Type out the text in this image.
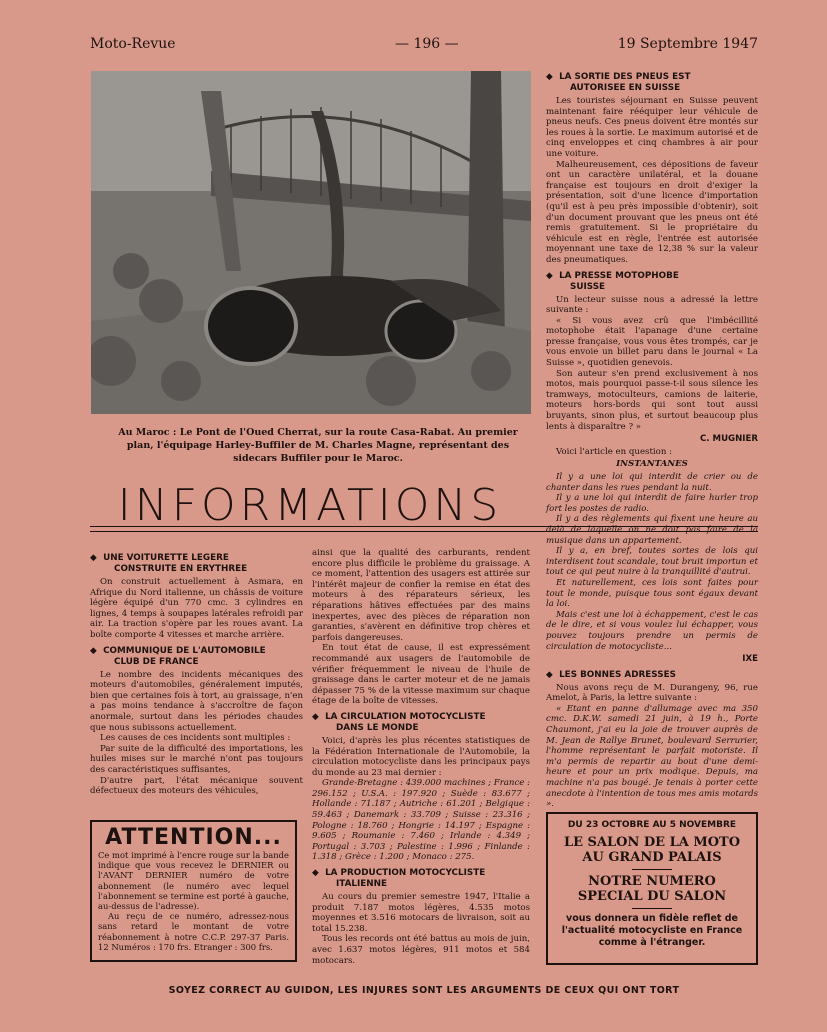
Moto-Revue	— 196 —	19 Septembre 1947
Au Maroc : Le Pont de l'Oued Cherrat, sur la route Casa-Rabat. Au premier plan, l'équipage Harley-Buffiler de M. Charles Magne, représentant des sidecars Buffiler pour le Maroc.
INFORMATIONS
◆ UNE VOITURETTE LEGERE
CONSTRUITE EN ERYTHREE

On construit actuellement à Asmara, en Afrique du Nord italienne, un châssis de voiture légère équipé d'un 770 cmc. 3 cylindres en lignes, 4 temps à soupapes latérales refroidi par air. La traction s'opère par les roues avant. La boîte comporte 4 vitesses et marche arrière.

◆ COMMUNIQUE DE L'AUTOMOBILE
CLUB DE FRANCE

Le nombre des incidents mécaniques des moteurs d'automobiles, généralement imputés, bien que certaines fois à tort, au graissage, n'en a pas moins tendance à s'accroître de façon anormale, surtout dans les périodes chaudes que nous subissons actuellement.

Les causes de ces incidents sont multiples :

Par suite de la difficulté des importations, les huiles mises sur le marché n'ont pas toujours des caractéristiques suffisantes,

D'autre part, l'état mécanique souvent défectueux des moteurs des véhicules,

ATTENTION...

Ce mot imprimé à l'encre rouge sur la bande indique que vous recevez le DERNIER ou l'AVANT DERNIER numéro de votre abonnement (le numéro avec lequel l'abonnement se termine est porté à gauche, au-dessus de l'adresse).

Au reçu de ce numéro, adressez-nous sans retard le montant de votre réabonnement à notre C.C.P. 297-37 Paris. 12 Numéros : 170 frs. Etranger : 300 frs.

ainsi que la qualité des carburants, rendent encore plus difficile le problème du graissage. A ce moment, l'attention des usagers est attirée sur l'intérêt majeur de confier la remise en état des moteurs à des réparateurs sérieux, les réparations hâtives effectuées par des mains inexpertes, avec des pièces de réparation non garanties, s'avèrent en définitive trop chères et parfois dangereuses.

En tout état de cause, il est expressément recommandé aux usagers de l'automobile de vérifier fréquemment le niveau de l'huile de graissage dans le carter moteur et de ne jamais dépasser 75 % de la vitesse maximum sur chaque étage de la boîte de vitesses.

◆ LA CIRCULATION MOTOCYCLISTE
DANS LE MONDE

Voici, d'après les plus récentes statistiques de la Fédération Internationale de l'Automobile, la circulation motocycliste dans les principaux pays du monde au 23 mai dernier :

Grande-Bretagne : 439.000 machines ; France : 296.152 ; U.S.A. : 197.920 ; Suède : 83.677 ; Hollande : 71.187 ; Autriche : 61.201 ; Belgique : 59.463 ; Danemark : 33.709 ; Suisse : 23.316 ; Pologne : 18.760 ; Hongrie : 14.197 ; Espagne : 9.605 ; Roumanie : 7.460 ; Irlande : 4.349 ; Portugal : 3.703 ; Palestine : 1.996 ; Finlande : 1.318 ; Grèce : 1.200 ; Monaco : 275.

◆ LA PRODUCTION MOTOCYCLISTE
ITALIENNE

Au cours du premier semestre 1947, l'Italie a produit 7.187 motos légères, 4.535 motos moyennes et 3.516 motocars de livraison, soit au total 15.238.

Tous les records ont été battus au mois de juin, avec 1.637 motos légères, 911 motos et 584 motocars.

◆ LA SORTIE DES PNEUS EST
AUTORISEE EN SUISSE

Les touristes séjournant en Suisse peuvent maintenant faire rééquiper leur véhicule de pneus neufs. Ces pneus doivent être montés sur les roues à la sortie. Le maximum autorisé et de cinq enveloppes et cinq chambres à air pour une voiture.

Malheureusement, ces dépositions de faveur ont un caractère unilatéral, et la douane française est toujours en droit d'exiger la présentation, soit d'une licence d'importation (qu'il est à peu près impossible d'obtenir), soit d'un document prouvant que les pneus ont été remis gratuitement. Si le propriétaire du véhicule est en règle, l'entrée est autorisée moyennant une taxe de 12,38 % sur la valeur des pneumatiques.

◆ LA PRESSE MOTOPHOBE
SUISSE

Un lecteur suisse nous a adressé la lettre suivante :

« Si vous avez crû que l'imbécillité motophobe était l'apanage d'une certaine presse française, vous vous êtes trompés, car je vous envoie un billet paru dans le journal « La Suisse », quotidien genevois.

Son auteur s'en prend exclusivement à nos motos, mais pourquoi passe-t-il sous silence les tramways, motoculteurs, camions de laiterie, moteurs hors-bords qui sont tout aussi bruyants, sinon plus, et surtout beaucoup plus lents à disparaître ? »

C. MUGNIER

Voici l'article en question :

INSTANTANES

Il y a une loi qui interdit de crier ou de chanter dans les rues pendant la nuit.

Il y a une loi qui interdit de faire hurler trop fort les postes de radio.

Il y a des règlements qui fixent une heure au delà de laquelle on ne doit pas faire de la musique dans un appartement.

Il y a, en bref, toutes sortes de lois qui interdisent tout scandale, tout bruit importun et tout ce qui peut nuire à la tranquillité d'autrui.

Et naturellement, ces lois sont faites pour tout le monde, puisque tous sont égaux devant la loi.

Mais c'est une loi à échappement, c'est le cas de le dire, et si vous voulez lui échapper, vous pouvez toujours prendre un permis de circulation de motocycliste...

IXE
◆ LES BONNES ADRESSES

Nous avons reçu de M. Durangeny, 96, rue Amelot, à Paris, la lettre suivante :

« Etant en panne d'allumage avec ma 350 cmc. D.K.W. samedi 21 juin, à 19 h., Porte Chaumont, j'ai eu la joie de trouver auprès de M. Jean de Rallye Brunet, boulevard Serrurier, l'homme représentant le parfait motoriste. Il m'a permis de repartir au bout d'une demi-heure et pour un prix modique. Depuis, ma machine n'a pas bougé. Je tenais à porter cette anecdote à l'intention de tous mes amis motards ».

DU 23 OCTOBRE AU 5 NOVEMBRE
LE SALON DE LA MOTO AU GRAND PALAIS
NOTRE NUMERO SPECIAL DU SALON
vous donnera un fidèle reflet de l'actualité motocycliste en France comme à l'étranger.
SOYEZ CORRECT AU GUIDON, LES INJURES SONT LES ARGUMENTS DE CEUX QUI ONT TORT
